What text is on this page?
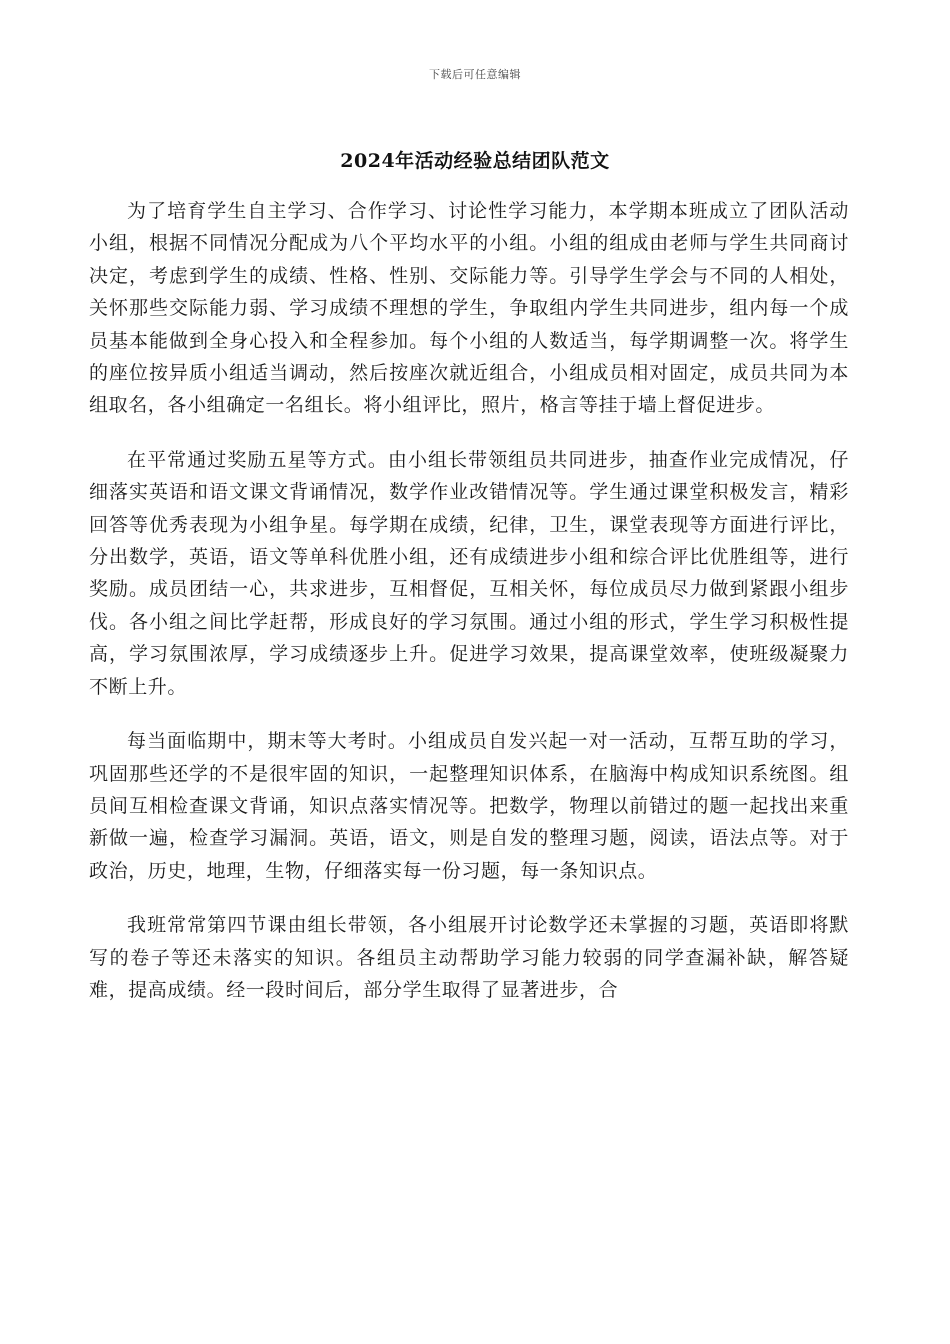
下载后可任意编辑
2024年活动经验总结团队范文

为了培育学生自主学习、合作学习、讨论性学习能力，本学期本班成立了团队活动小组，根据不同情况分配成为八个平均水平的小组。小组的组成由老师与学生共同商讨决定，考虑到学生的成绩、性格、性别、交际能力等。引导学生学会与不同的人相处，关怀那些交际能力弱、学习成绩不理想的学生，争取组内学生共同进步，组内每一个成员基本能做到全身心投入和全程参加。每个小组的人数适当，每学期调整一次。将学生的座位按异质小组适当调动，然后按座次就近组合，小组成员相对固定，成员共同为本组取名，各小组确定一名组长。将小组评比，照片，格言等挂于墙上督促进步。

在平常通过奖励五星等方式。由小组长带领组员共同进步，抽查作业完成情况，仔细落实英语和语文课文背诵情况，数学作业改错情况等。学生通过课堂积极发言，精彩回答等优秀表现为小组争星。每学期在成绩，纪律，卫生，课堂表现等方面进行评比，分出数学，英语，语文等单科优胜小组，还有成绩进步小组和综合评比优胜组等，进行奖励。成员团结一心，共求进步，互相督促，互相关怀，每位成员尽力做到紧跟小组步伐。各小组之间比学赶帮，形成良好的学习氛围。通过小组的形式，学生学习积极性提高，学习氛围浓厚，学习成绩逐步上升。促进学习效果，提高课堂效率，使班级凝聚力不断上升。

每当面临期中，期末等大考时。小组成员自发兴起一对一活动，互帮互助的学习，巩固那些还学的不是很牢固的知识，一起整理知识体系，在脑海中构成知识系统图。组员间互相检查课文背诵，知识点落实情况等。把数学，物理以前错过的题一起找出来重新做一遍，检查学习漏洞。英语，语文，则是自发的整理习题，阅读，语法点等。对于政治，历史，地理，生物，仔细落实每一份习题，每一条知识点。

我班常常第四节课由组长带领，各小组展开讨论数学还未掌握的习题，英语即将默写的卷子等还未落实的知识。各组员主动帮助学习能力较弱的同学查漏补缺，解答疑难，提高成绩。经一段时间后，部分学生取得了显著进步，合
